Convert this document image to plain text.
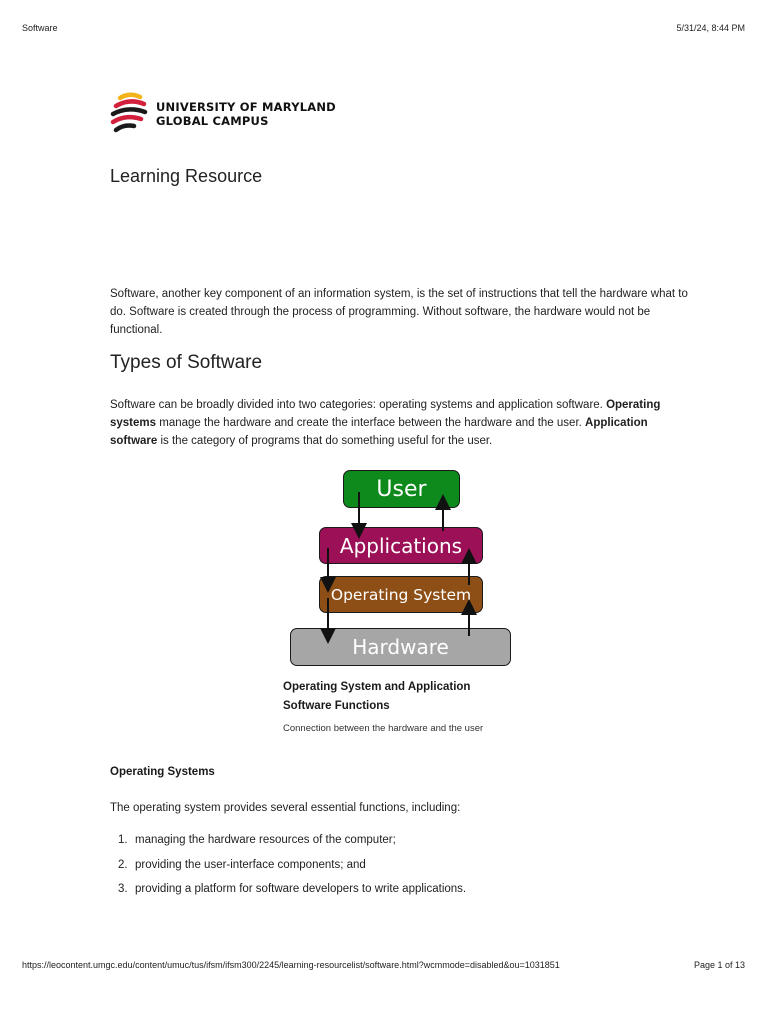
Software	5/31/24, 8:44 PM
UNIVERSITY OF MARYLAND
GLOBAL CAMPUS
Learning Resource
Software, another key component of an information system, is the set of instructions that tell the hardware what to do. Software is created through the process of programming. Without software, the hardware would not be functional.
Types of Software
Software can be broadly divided into two categories: operating systems and application software. Operating systems manage the hardware and create the interface between the hardware and the user. Application software is the category of programs that do something useful for the user.
User
Applications
Operating System
Hardware
Operating System and Application Software Functions
Connection between the hardware and the user
Operating Systems
The operating system provides several essential functions, including:
1. managing the hardware resources of the computer;
2. providing the user-interface components; and
3. providing a platform for software developers to write applications.
https://leocontent.umgc.edu/content/umuc/tus/ifsm/ifsm300/2245/learning-resourcelist/software.html?wcmmode=disabled&ou=1031851	Page 1 of 13
